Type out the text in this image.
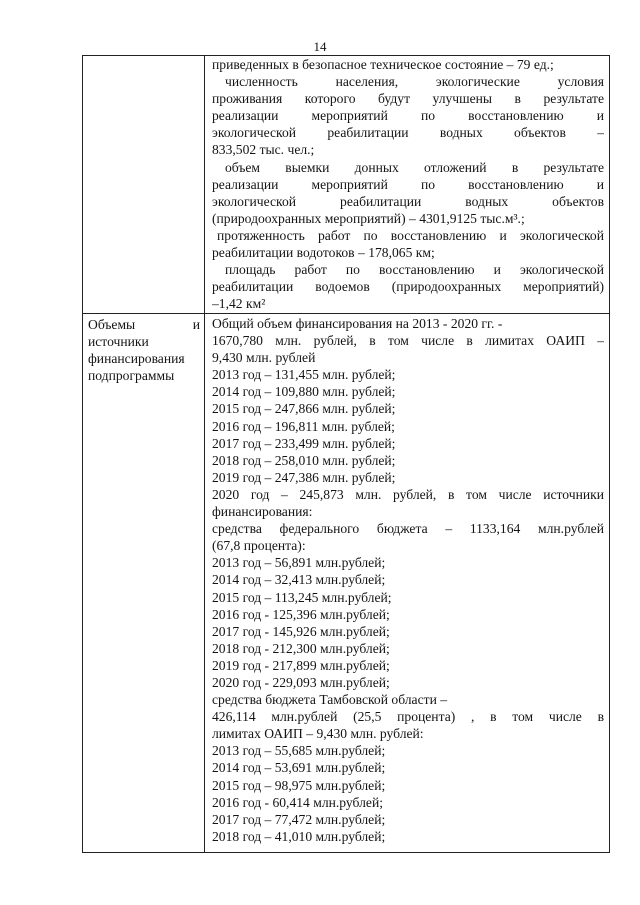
14
приведенных в безопасное техническое состояние – 79 ед.;
численность населения, экологические условия
проживания которого будут улучшены в результате
реализации мероприятий по восстановлению и
экологической реабилитации водных объектов –
833,502 тыс. чел.;
объем выемки донных отложений в результате
реализации мероприятий по восстановлению и
экологической реабилитации водных объектов
(природоохранных мероприятий) – 4301,9125 тыс.м³.;
протяженность работ по восстановлению и экологической
реабилитации водотоков – 178,065 км;
площадь работ по восстановлению и экологической
реабилитации водоемов (природоохранных мероприятий)
–1,42 км²
Объемы и
источники
финансирования
подпрограммы
Общий объем финансирования на 2013 - 2020 гг. -
1670,780 млн. рублей, в том числе в лимитах ОАИП –
9,430 млн. рублей
2013 год – 131,455 млн. рублей;
2014 год – 109,880 млн. рублей;
2015 год – 247,866 млн. рублей;
2016 год – 196,811 млн. рублей;
2017 год – 233,499 млн. рублей;
2018 год – 258,010 млн. рублей;
2019 год – 247,386 млн. рублей;
2020 год – 245,873 млн. рублей, в том числе источники
финансирования:
средства федерального бюджета – 1133,164 млн.рублей
(67,8 процента):
2013 год – 56,891 млн.рублей;
2014 год – 32,413 млн.рублей;
2015 год – 113,245 млн.рублей;
2016 год - 125,396 млн.рублей;
2017 год - 145,926 млн.рублей;
2018 год - 212,300 млн.рублей;
2019 год - 217,899 млн.рублей;
2020 год - 229,093 млн.рублей;
средства бюджета Тамбовской области –
426,114 млн.рублей (25,5 процента) , в том числе в
лимитах ОАИП – 9,430 млн. рублей:
2013 год – 55,685 млн.рублей;
2014 год – 53,691 млн.рублей;
2015 год – 98,975 млн.рублей;
2016 год - 60,414 млн.рублей;
2017 год – 77,472 млн.рублей;
2018 год – 41,010 млн.рублей;
